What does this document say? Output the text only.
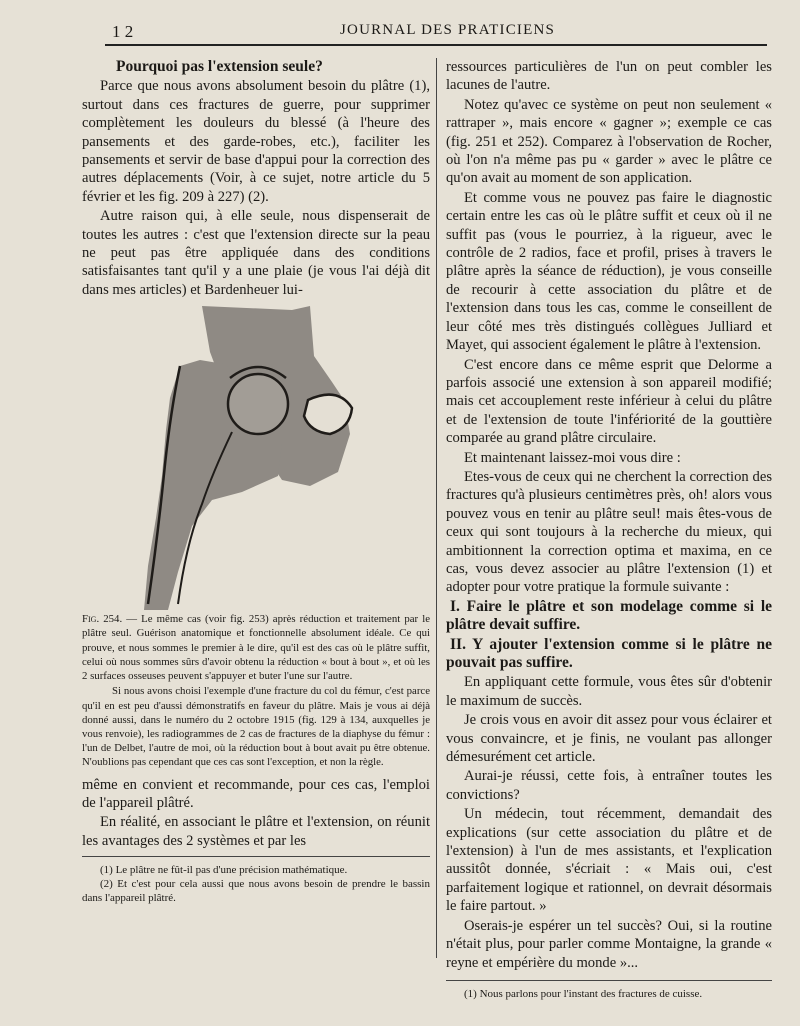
1 2	JOURNAL DES PRATICIENS

Pourquoi pas l'extension seule?

Parce que nous avons absolument besoin du plâtre (1), surtout dans ces fractures de guerre, pour supprimer complètement les douleurs du blessé (à l'heure des pansements et des garde-robes, etc.), faciliter les pansements et servir de base d'appui pour la correction des autres déplacements (Voir, à ce sujet, notre article du 5 février et les fig. 209 à 227) (2).

Autre raison qui, à elle seule, nous dispenserait de toutes les autres : c'est que l'extension directe sur la peau ne peut pas être appliquée dans des conditions satisfaisantes tant qu'il y a une plaie (je vous l'ai déjà dit dans mes articles) et Bardenheuer lui-

Fig. 254. — Le même cas (voir fig. 253) après réduction et traitement par le plâtre seul. Guérison anatomique et fonctionnelle absolument idéale. Ce qui prouve, et nous sommes le premier à le dire, qu'il est des cas où le plâtre suffit, celui où nous sommes sûrs d'avoir obtenu la réduction « bout à bout », et où les 2 surfaces osseuses peuvent s'appuyer et buter l'une sur l'autre.

Si nous avons choisi l'exemple d'une fracture du col du fémur, c'est parce qu'il en est peu d'aussi démonstratifs en faveur du plâtre. Mais je vous ai déjà donné aussi, dans le numéro du 2 octobre 1915 (fig. 129 à 134, auxquelles je vous renvoie), les radiogrammes de 2 cas de fractures de la diaphyse du fémur : l'un de Delbet, l'autre de moi, où la réduction bout à bout avait pu être obtenue. N'oublions pas cependant que ces cas sont l'exception, et non la règle.

même en convient et recommande, pour ces cas, l'emploi de l'appareil plâtré.

En réalité, en associant le plâtre et l'extension, on réunit les avantages des 2 systèmes et par les

(1) Le plâtre ne fût-il pas d'une précision mathématique.

(2) Et c'est pour cela aussi que nous avons besoin de prendre le bassin dans l'appareil plâtré.

ressources particulières de l'un on peut combler les lacunes de l'autre.

Notez qu'avec ce système on peut non seulement « rattraper », mais encore « gagner »; exemple ce cas (fig. 251 et 252). Comparez à l'observation de Rocher, où l'on n'a même pas pu « garder » avec le plâtre ce qu'on avait au moment de son application.

Et comme vous ne pouvez pas faire le diagnostic certain entre les cas où le plâtre suffit et ceux où il ne suffit pas (vous le pourriez, à la rigueur, avec le contrôle de 2 radios, face et profil, prises à travers le plâtre après la séance de réduction), je vous conseille de recourir à cette association du plâtre et de l'extension dans tous les cas, comme le conseillent de leur côté mes très distingués collègues Julliard et Mayet, qui associent également le plâtre à l'extension.

C'est encore dans ce même esprit que Delorme a parfois associé une extension à son appareil modifié; mais cet accouplement reste inférieur à celui du plâtre et de l'extension de toute l'infériorité de la gouttière comparée au grand plâtre circulaire.

Et maintenant laissez-moi vous dire :

Etes-vous de ceux qui ne cherchent la correction des fractures qu'à plusieurs centimètres près, oh! alors vous pouvez vous en tenir au plâtre seul! mais êtes-vous de ceux qui sont toujours à la recherche du mieux, qui ambitionnent la correction optima et maxima, en ce cas, vous devez associer au plâtre l'extension (1) et adopter pour votre pratique la formule suivante :

I. Faire le plâtre et son modelage comme si le plâtre devait suffire.

II. Y ajouter l'extension comme si le plâtre ne pouvait pas suffire.

En appliquant cette formule, vous êtes sûr d'obtenir le maximum de succès.

Je crois vous en avoir dit assez pour vous éclairer et vous convaincre, et je finis, ne voulant pas allonger démesurément cet article.

Aurai-je réussi, cette fois, à entraîner toutes les convictions?

Un médecin, tout récemment, demandait des explications (sur cette association du plâtre et de l'extension) à l'un de mes assistants, et l'explication aussitôt donnée, s'écriait : « Mais oui, c'est parfaitement logique et rationnel, on devrait désormais le faire partout. »

Oserais-je espérer un tel succès? Oui, si la routine n'était plus, pour parler comme Montaigne, la grande « reyne et empérière du monde »...

(1) Nous parlons pour l'instant des fractures de cuisse.
